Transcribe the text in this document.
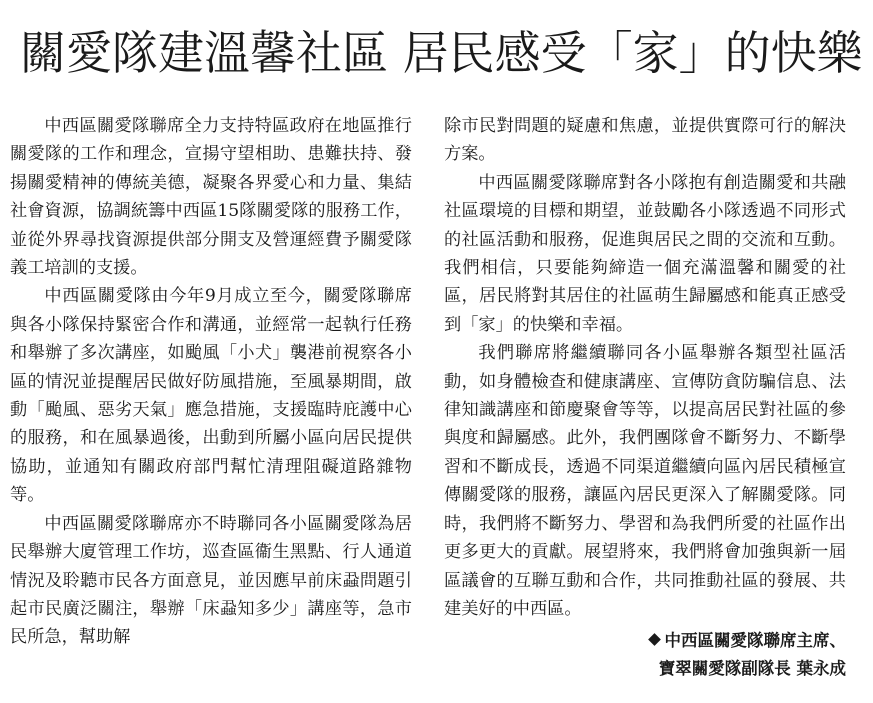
關愛隊建溫馨社區 居民感受「家」的快樂

中西區關愛隊聯席全力支持特區政府在地區推行關愛隊的工作和理念，宣揚守望相助、患難扶持、發揚關愛精神的傳統美德，凝聚各界愛心和力量、集結社會資源，協調統籌中西區15隊關愛隊的服務工作，並從外界尋找資源提供部分開支及營運經費予關愛隊義工培訓的支援。

中西區關愛隊由今年9月成立至今，關愛隊聯席與各小隊保持緊密合作和溝通，並經常一起執行任務和舉辦了多次講座，如颱風「小犬」襲港前視察各小區的情況並提醒居民做好防風措施，至風暴期間，啟動「颱風、惡劣天氣」應急措施，支援臨時庇護中心的服務，和在風暴過後，出動到所屬小區向居民提供協助，並通知有關政府部門幫忙清理阻礙道路雜物等。

中西區關愛隊聯席亦不時聯同各小區關愛隊為居民舉辦大廈管理工作坊，巡查區衞生黑點、行人通道情況及聆聽市民各方面意見，並因應早前床蝨問題引起市民廣泛關注，舉辦「床蝨知多少」講座等，急市民所急，幫助解

除市民對問題的疑慮和焦慮，並提供實際可行的解決方案。

中西區關愛隊聯席對各小隊抱有創造關愛和共融社區環境的目標和期望，並鼓勵各小隊透過不同形式的社區活動和服務，促進與居民之間的交流和互動。我們相信，只要能夠締造一個充滿溫馨和關愛的社區，居民將對其居住的社區萌生歸屬感和能真正感受到「家」的快樂和幸福。

我們聯席將繼續聯同各小區舉辦各類型社區活動，如身體檢查和健康講座、宣傳防貪防騙信息、法律知識講座和節慶聚會等等，以提高居民對社區的參與度和歸屬感。此外，我們團隊會不斷努力、不斷學習和不斷成長，透過不同渠道繼續向區內居民積極宣傳關愛隊的服務，讓區內居民更深入了解關愛隊。同時，我們將不斷努力、學習和為我們所愛的社區作出更多更大的貢獻。展望將來，我們將會加強與新一屆區議會的互聯互動和合作，共同推動社區的發展、共建美好的中西區。

中西區關愛隊聯席主席、
寶翠關愛隊副隊長 葉永成
